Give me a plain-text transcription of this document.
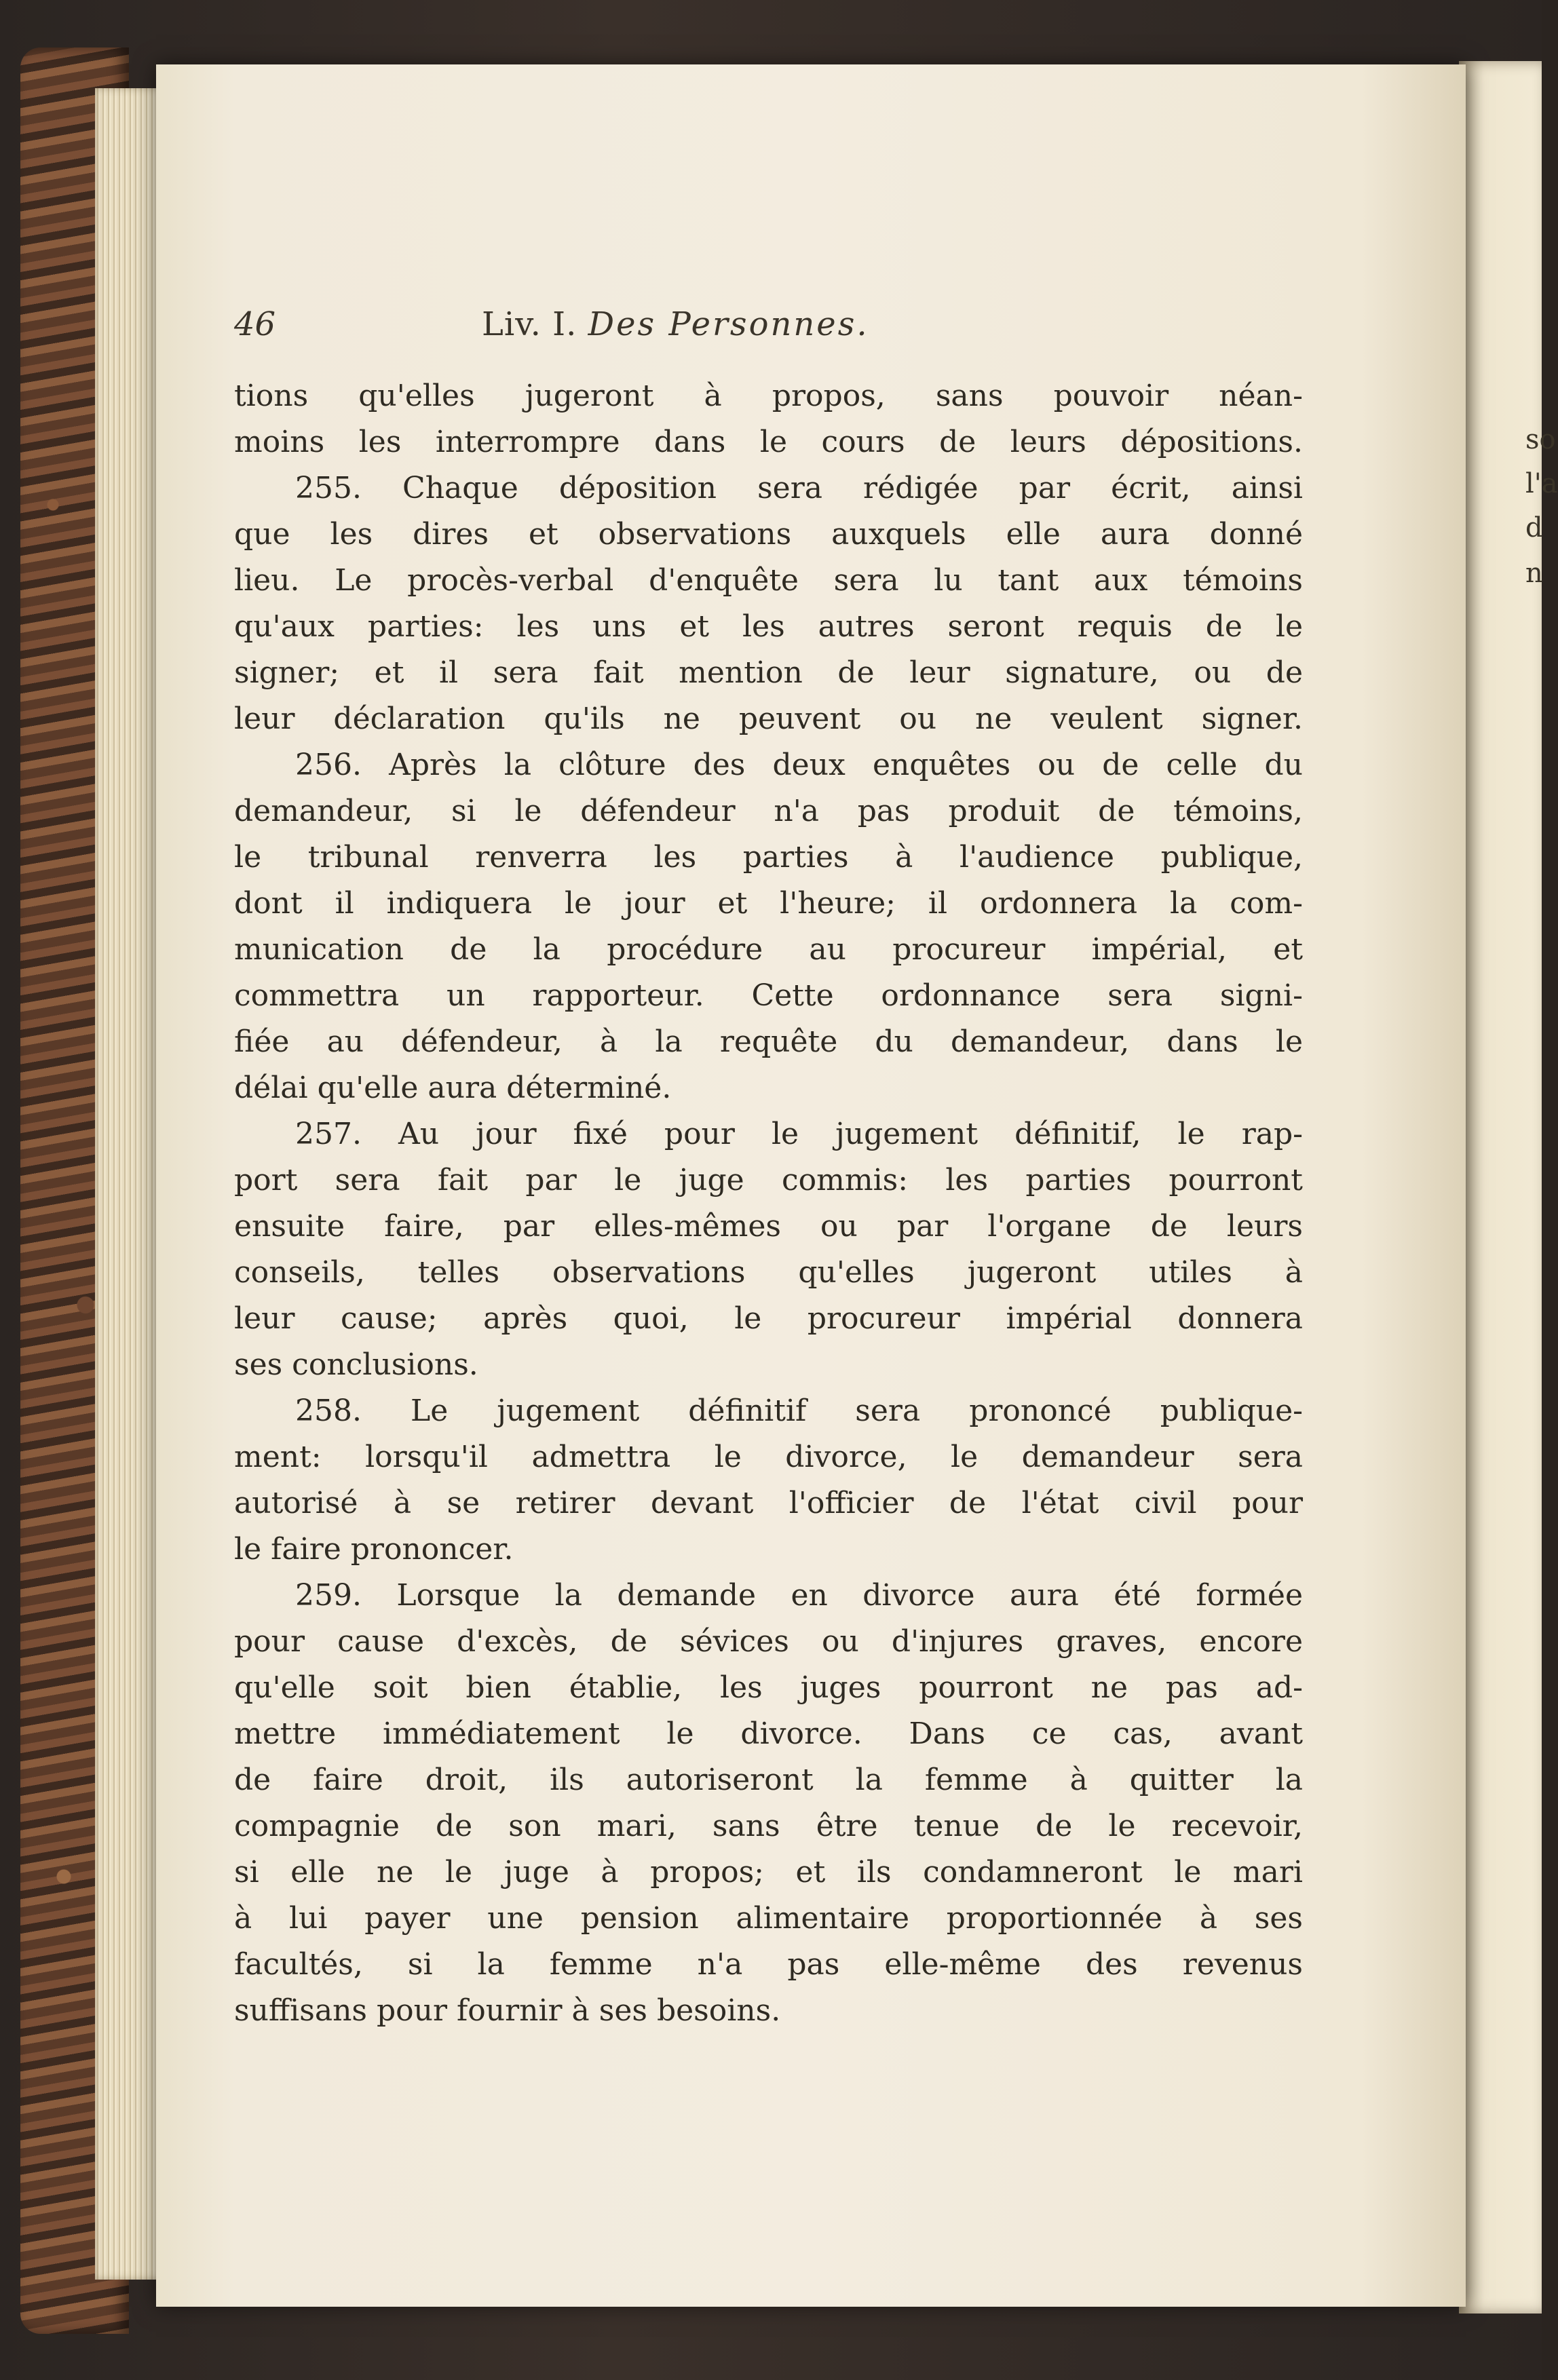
so
l'a
d
n
46	Liv. I. Des Personnes.
tions qu'elles jugeront à propos, sans pouvoir néan-
moins les interrompre dans le cours de leurs dépositions.
255. Chaque déposition sera rédigée par écrit, ainsi
que les dires et observations auxquels elle aura donné
lieu. Le procès-verbal d'enquête sera lu tant aux témoins
qu'aux parties: les uns et les autres seront requis de le
signer; et il sera fait mention de leur signature, ou de
leur déclaration qu'ils ne peuvent ou ne veulent signer.
256. Après la clôture des deux enquêtes ou de celle du
demandeur, si le défendeur n'a pas produit de témoins,
le tribunal renverra les parties à l'audience publique,
dont il indiquera le jour et l'heure; il ordonnera la com-
munication de la procédure au procureur impérial, et
commettra un rapporteur. Cette ordonnance sera signi-
fiée au défendeur, à la requête du demandeur, dans le
délai qu'elle aura déterminé.
257. Au jour fixé pour le jugement définitif, le rap-
port sera fait par le juge commis: les parties pourront
ensuite faire, par elles-mêmes ou par l'organe de leurs
conseils, telles observations qu'elles jugeront utiles à
leur cause; après quoi, le procureur impérial donnera
ses conclusions.
258. Le jugement définitif sera prononcé publique-
ment: lorsqu'il admettra le divorce, le demandeur sera
autorisé à se retirer devant l'officier de l'état civil pour
le faire prononcer.
259. Lorsque la demande en divorce aura été formée
pour cause d'excès, de sévices ou d'injures graves, encore
qu'elle soit bien établie, les juges pourront ne pas ad-
mettre immédiatement le divorce. Dans ce cas, avant
de faire droit, ils autoriseront la femme à quitter la
compagnie de son mari, sans être tenue de le recevoir,
si elle ne le juge à propos; et ils condamneront le mari
à lui payer une pension alimentaire proportionnée à ses
facultés, si la femme n'a pas elle-même des revenus
suffisans pour fournir à ses besoins.
